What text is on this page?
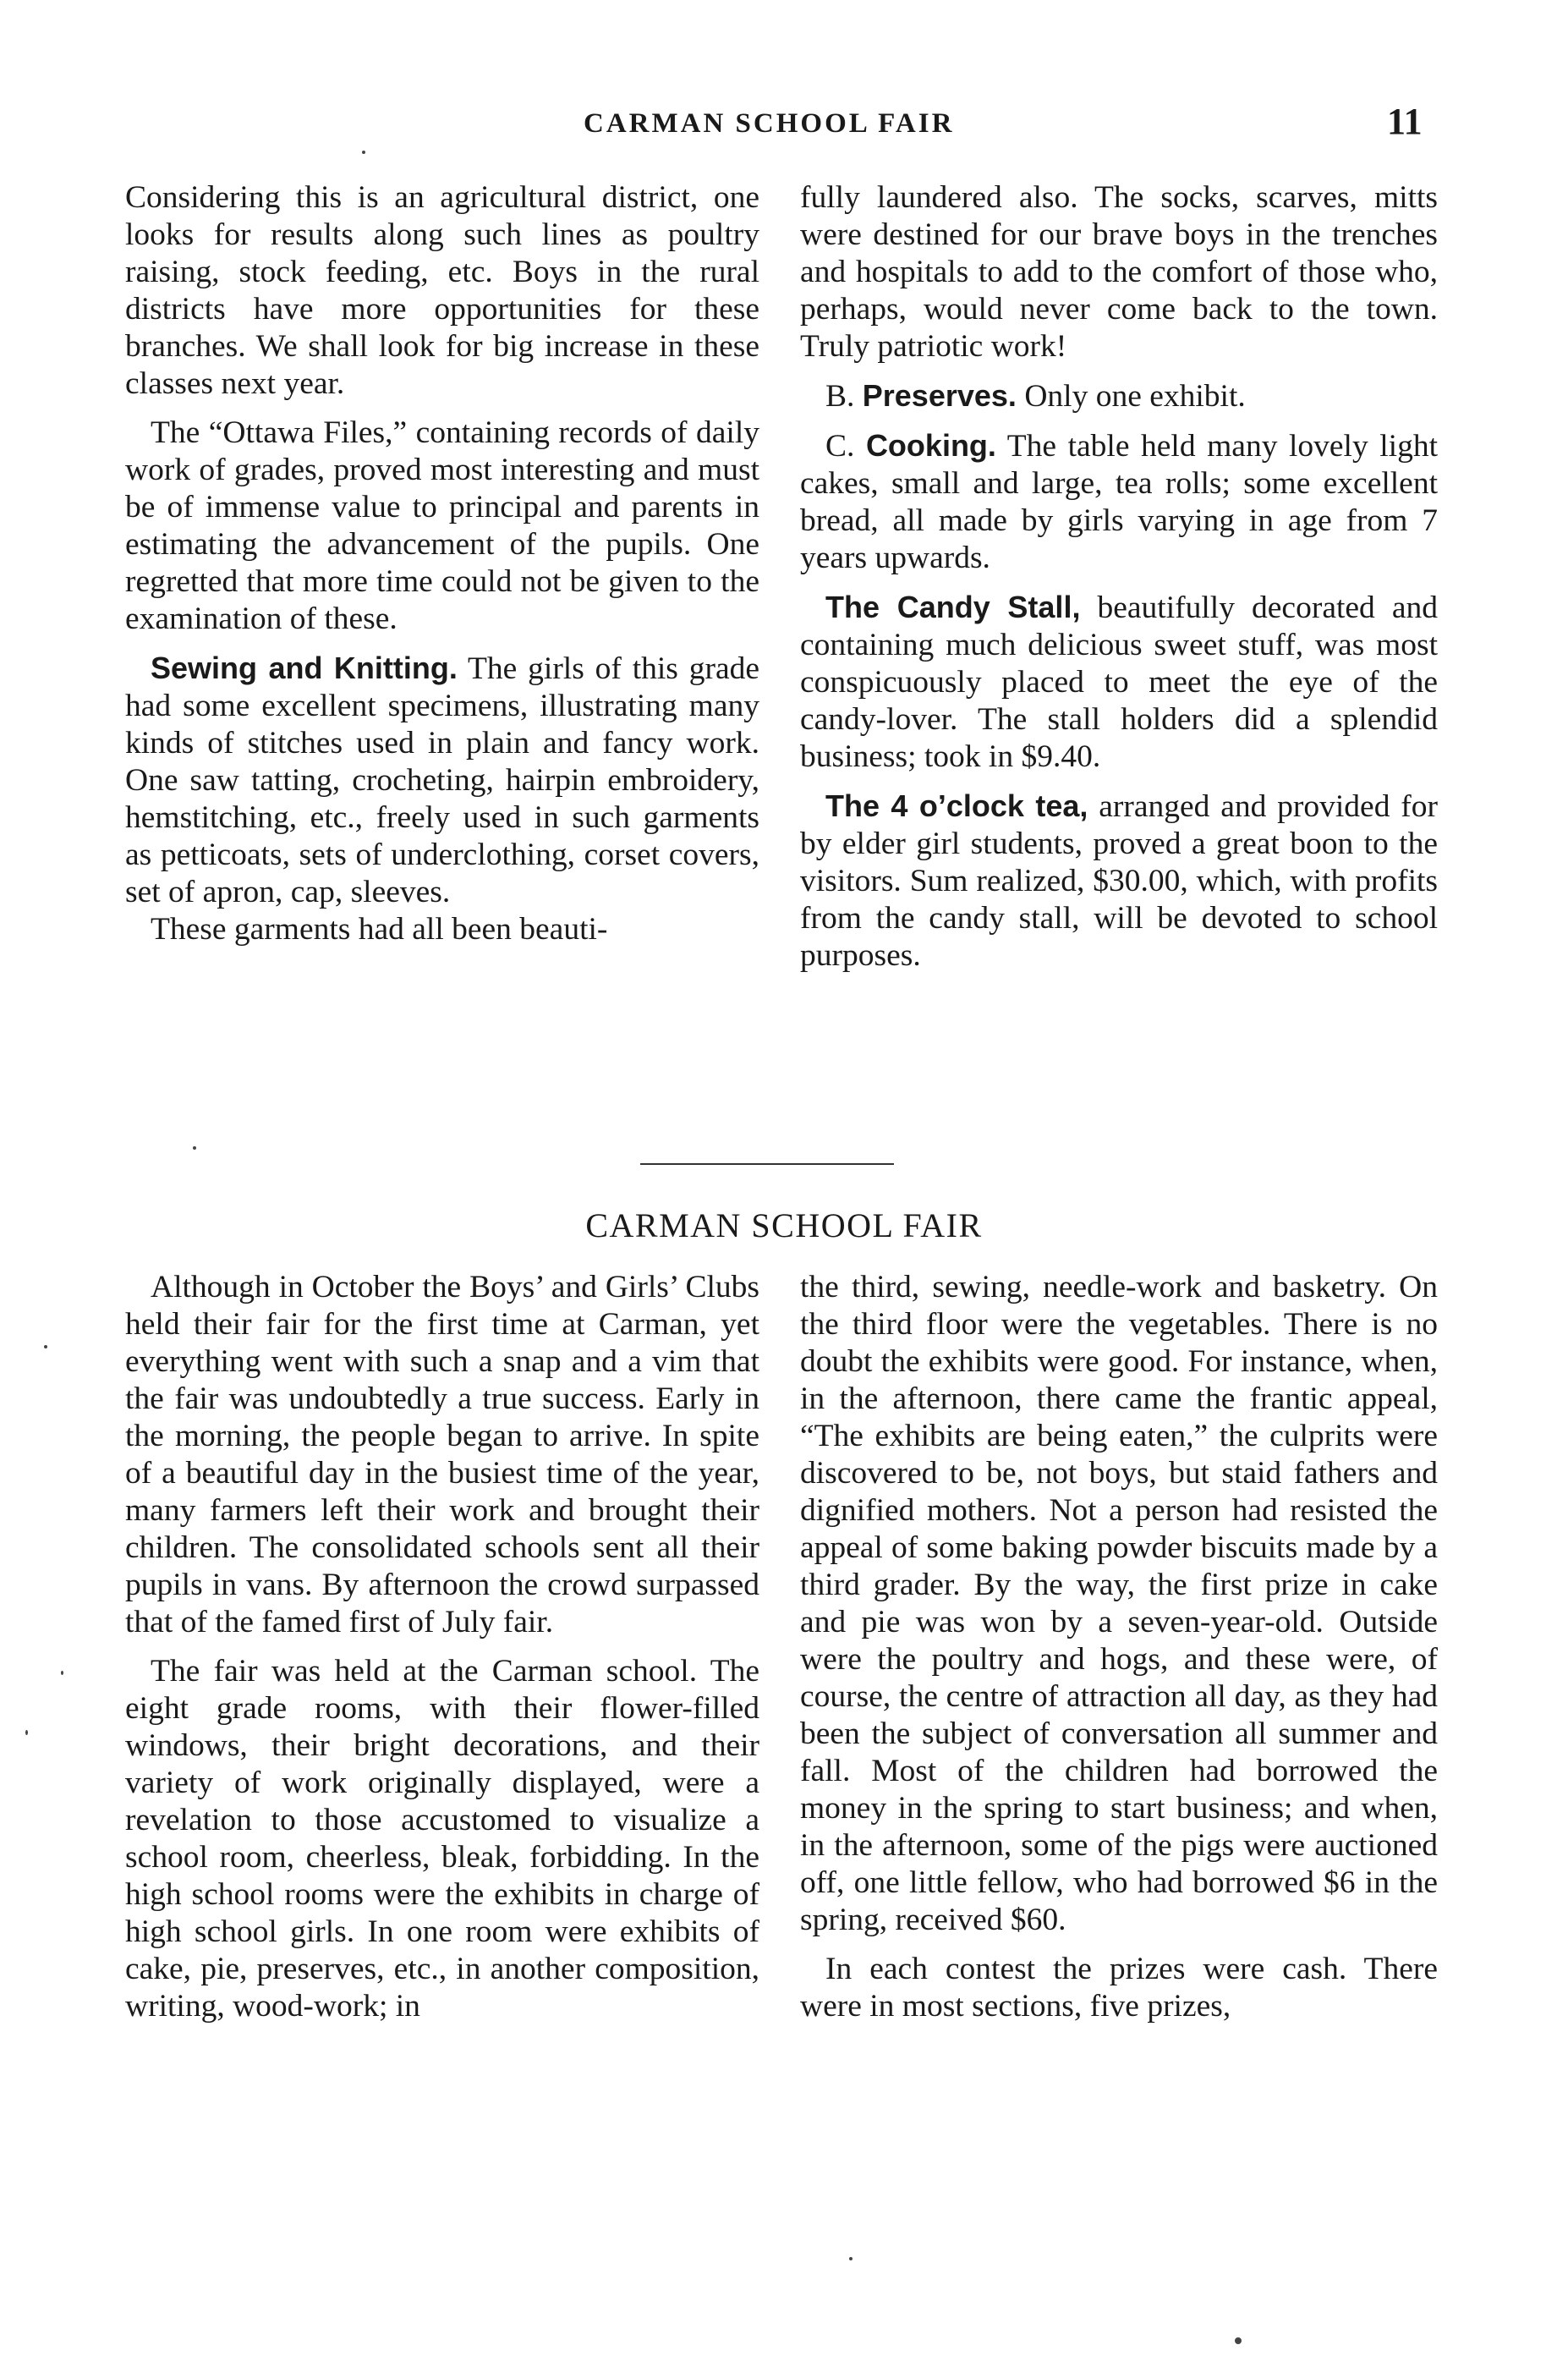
CARMAN SCHOOL FAIR	11

Considering this is an agricultural district, one looks for results along such lines as poultry raising, stock feeding, etc. Boys in the rural districts have more opportunities for these branches. We shall look for big increase in these classes next year.

The “Ottawa Files,” containing records of daily work of grades, proved most interesting and must be of immense value to principal and parents in estimating the advancement of the pupils. One regretted that more time could not be given to the examination of these.

Sewing and Knitting. The girls of this grade had some excellent specimens, illustrating many kinds of stitches used in plain and fancy work. One saw tatting, crocheting, hairpin embroidery, hemstitching, etc., freely used in such garments as petticoats, sets of underclothing, corset covers, set of apron, cap, sleeves.

These garments had all been beauti-

fully laundered also. The socks, scarves, mitts were destined for our brave boys in the trenches and hospitals to add to the comfort of those who, perhaps, would never come back to the town. Truly patriotic work!

B. Preserves. Only one exhibit.

C. Cooking. The table held many lovely light cakes, small and large, tea rolls; some excellent bread, all made by girls varying in age from 7 years upwards.

The Candy Stall, beautifully decorated and containing much delicious sweet stuff, was most conspicuously placed to meet the eye of the candy-lover. The stall holders did a splendid business; took in $9.40.

The 4 o’clock tea, arranged and provided for by elder girl students, proved a great boon to the visitors. Sum realized, $30.00, which, with profits from the candy stall, will be devoted to school purposes.

CARMAN SCHOOL FAIR

Although in October the Boys’ and Girls’ Clubs held their fair for the first time at Carman, yet everything went with such a snap and a vim that the fair was undoubtedly a true success. Early in the morning, the people began to arrive. In spite of a beautiful day in the busiest time of the year, many farmers left their work and brought their children. The consolidated schools sent all their pupils in vans. By afternoon the crowd surpassed that of the famed first of July fair.

The fair was held at the Carman school. The eight grade rooms, with their flower-filled windows, their bright decorations, and their variety of work originally displayed, were a revelation to those accustomed to visualize a school room, cheerless, bleak, forbidding. In the high school rooms were the exhibits in charge of high school girls. In one room were exhibits of cake, pie, preserves, etc., in another composition, writing, wood-work; in

the third, sewing, needle-work and basketry. On the third floor were the vegetables. There is no doubt the exhibits were good. For instance, when, in the afternoon, there came the frantic appeal, “The exhibits are being eaten,” the culprits were discovered to be, not boys, but staid fathers and dignified mothers. Not a person had resisted the appeal of some baking powder biscuits made by a third grader. By the way, the first prize in cake and pie was won by a seven-year-old. Outside were the poultry and hogs, and these were, of course, the centre of attraction all day, as they had been the subject of conversation all summer and fall. Most of the children had borrowed the money in the spring to start business; and when, in the afternoon, some of the pigs were auctioned off, one little fellow, who had borrowed $6 in the spring, received $60.

In each contest the prizes were cash. There were in most sections, five prizes,
